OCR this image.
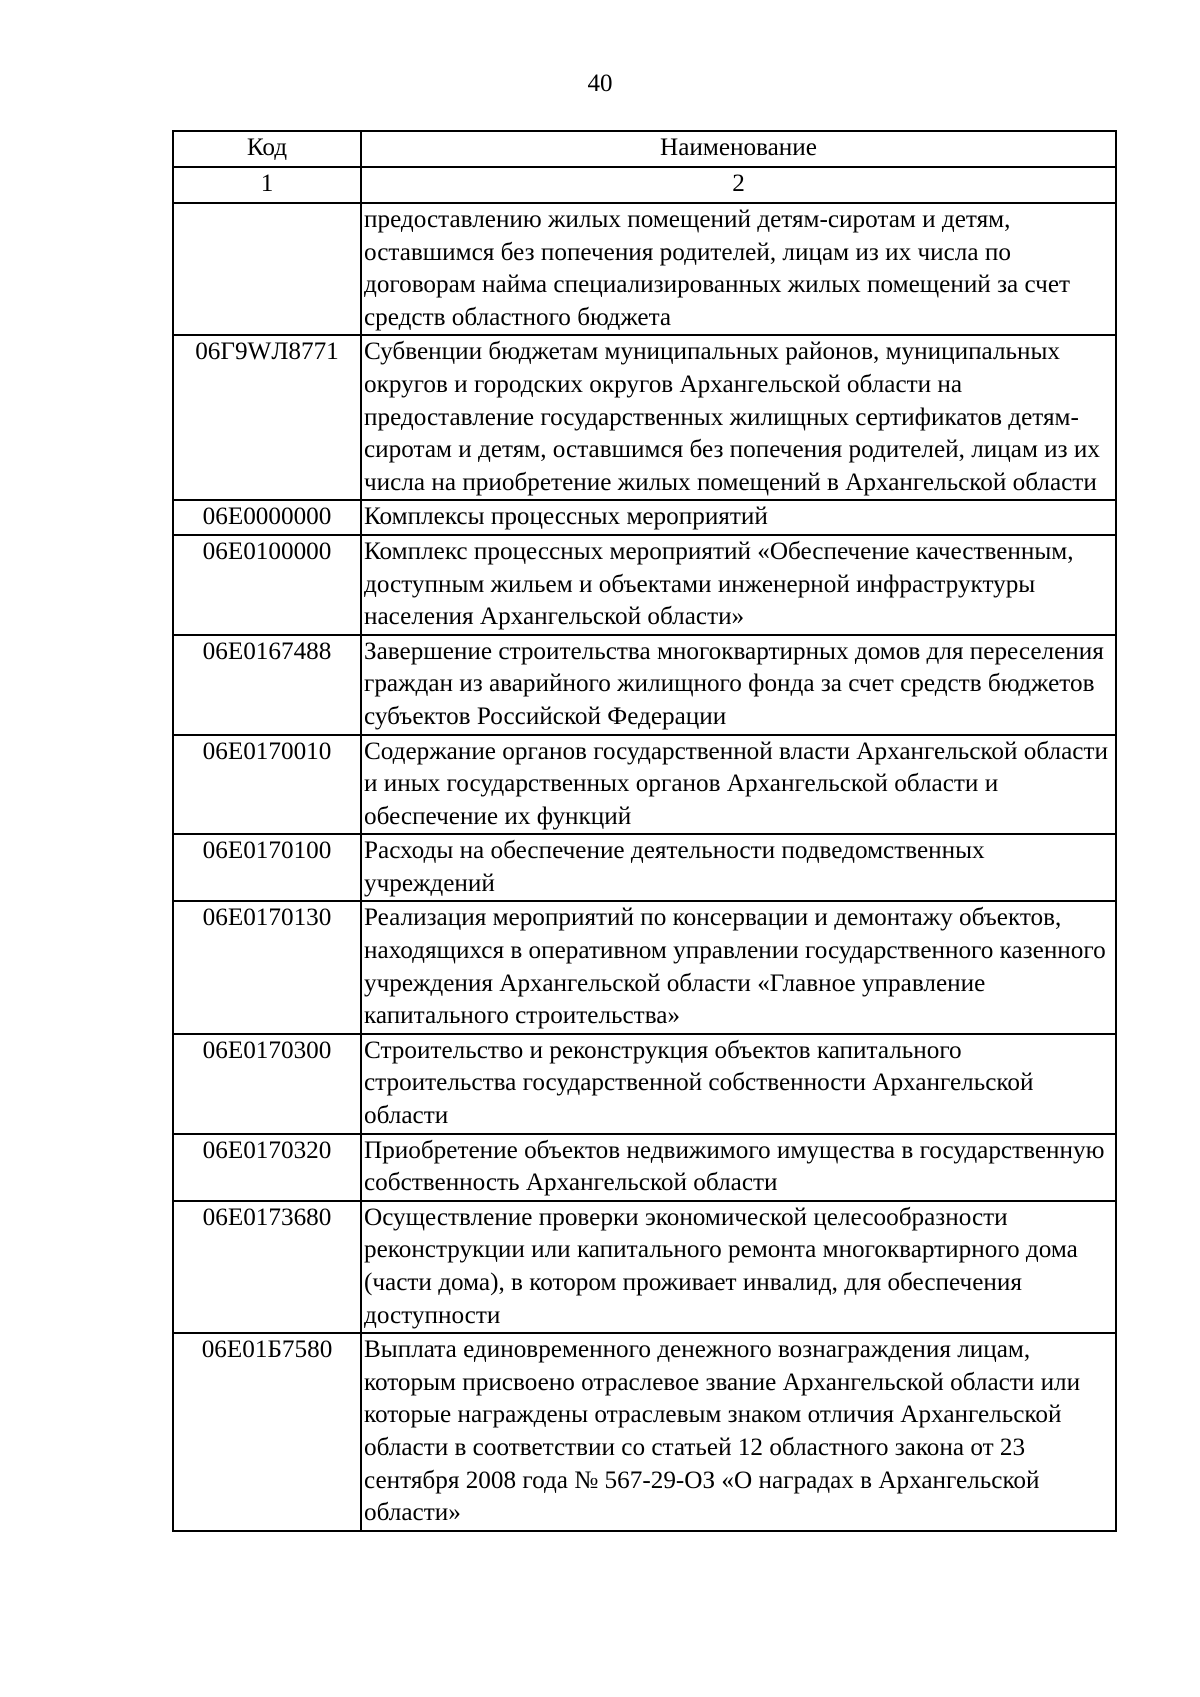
40
Код	Наименование
1	2
	предоставлению жилых помещений детям-сиротам и детям, оставшимся без попечения родителей, лицам из их числа по договорам найма специализированных жилых помещений за счет средств областного бюджета
06Г9WЛ8771	Субвенции бюджетам муниципальных районов, муниципальных округов и городских округов Архангельской области на предоставление государственных жилищных сертификатов детям-сиротам и детям, оставшимся без попечения родителей, лицам из их числа на приобретение жилых помещений в Архангельской области
06Е0000000	Комплексы процессных мероприятий
06Е0100000	Комплекс процессных мероприятий «Обеспечение качественным, доступным жильем и объектами инженерной инфраструктуры населения Архангельской области»
06Е0167488	Завершение строительства многоквартирных домов для переселения граждан из аварийного жилищного фонда за счет средств бюджетов субъектов Российской Федерации
06Е0170010	Содержание органов государственной власти Архангельской области и иных государственных органов Архангельской области и обеспечение их функций
06Е0170100	Расходы на обеспечение деятельности подведомственных учреждений
06Е0170130	Реализация мероприятий по консервации и демонтажу объектов, находящихся в оперативном управлении государственного казенного учреждения Архангельской области «Главное управление капитального строительства»
06Е0170300	Строительство и реконструкция объектов капитального строительства государственной собственности Архангельской области
06Е0170320	Приобретение объектов недвижимого имущества в государственную собственность Архангельской области
06Е0173680	Осуществление проверки экономической целесообразности реконструкции или капитального ремонта многоквартирного дома (части дома), в котором проживает инвалид, для обеспечения доступности
06Е01Б7580	Выплата единовременного денежного вознаграждения лицам, которым присвоено отраслевое звание Архангельской области или которые награждены отраслевым знаком отличия Архангельской области в соответствии со статьей 12 областного закона от 23 сентября 2008 года № 567-29-ОЗ «О наградах в Архангельской области»
